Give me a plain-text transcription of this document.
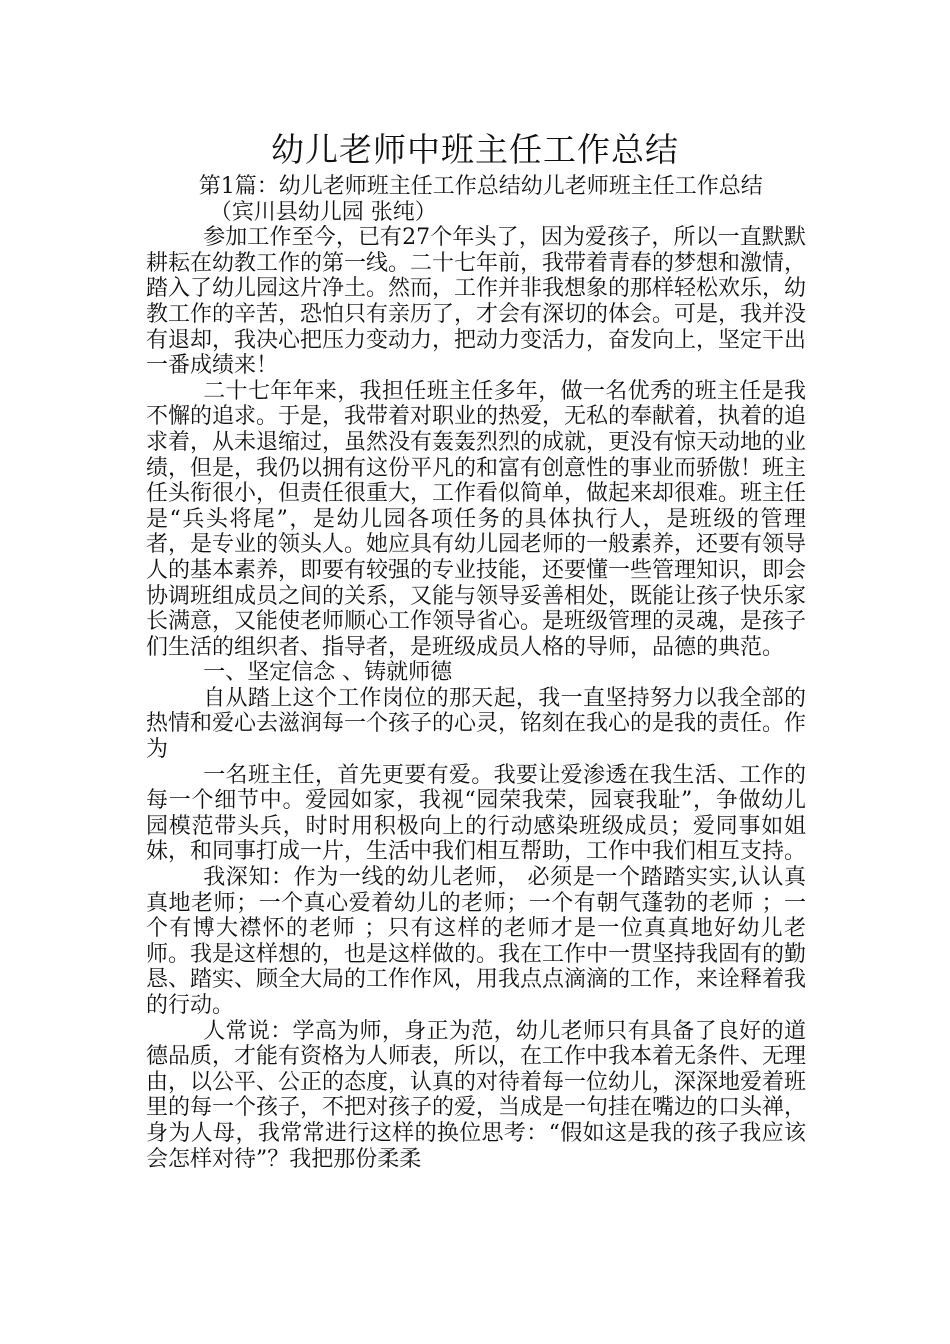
幼儿老师中班主任工作总结

第1篇：幼儿老师班主任工作总结幼儿老师班主任工作总结

（宾川县幼儿园 张纯）

参加工作至今，已有27个年头了，因为爱孩子，所以一直默默耕耘在幼教工作的第一线。二十七年前，我带着青春的梦想和激情，踏入了幼儿园这片净土。然而，工作并非我想象的那样轻松欢乐，幼教工作的辛苦，恐怕只有亲历了，才会有深切的体会。可是，我并没有退却，我决心把压力变动力，把动力变活力，奋发向上，坚定干出一番成绩来！

二十七年年来，我担任班主任多年，做一名优秀的班主任是我不懈的追求。于是，我带着对职业的热爱，无私的奉献着，执着的追求着，从未退缩过，虽然没有轰轰烈烈的成就，更没有惊天动地的业绩，但是，我仍以拥有这份平凡的和富有创意性的事业而骄傲！班主任头衔很小，但责任很重大，工作看似简单，做起来却很难。班主任是“兵头将尾”，是幼儿园各项任务的具体执行人，是班级的管理者，是专业的领头人。她应具有幼儿园老师的一般素养，还要有领导人的基本素养，即要有较强的专业技能，还要懂一些管理知识，即会协调班组成员之间的关系，又能与领导妥善相处，既能让孩子快乐家长满意，又能使老师顺心工作领导省心。是班级管理的灵魂，是孩子们生活的组织者、指导者，是班级成员人格的导师，品德的典范。

一、坚定信念 、铸就师德

自从踏上这个工作岗位的那天起，我一直坚持努力以我全部的热情和爱心去滋润每一个孩子的心灵，铭刻在我心的是我的责任。作为

一名班主任，首先更要有爱。我要让爱渗透在我生活、工作的每一个细节中。爱园如家，我视“园荣我荣，园衰我耻”，争做幼儿园模范带头兵，时时用积极向上的行动感染班级成员；爱同事如姐妹，和同事打成一片，生活中我们相互帮助，工作中我们相互支持。

我深知：作为一线的幼儿老师， 必须是一个踏踏实实,认认真真地老师；一个真心爱着幼儿的老师；一个有朝气蓬勃的老师 ；一个有博大襟怀的老师 ；只有这样的老师才是一位真真地好幼儿老师。我是这样想的，也是这样做的。我在工作中一贯坚持我固有的勤恳、踏实、顾全大局的工作作风，用我点点滴滴的工作，来诠释着我的行动。

人常说：学高为师，身正为范，幼儿老师只有具备了良好的道德品质，才能有资格为人师表，所以，在工作中我本着无条件、无理由，以公平、公正的态度，认真的对待着每一位幼儿，深深地爱着班里的每一个孩子，不把对孩子的爱，当成是一句挂在嘴边的口头禅，身为人母，我常常进行这样的换位思考：“假如这是我的孩子我应该会怎样对待”？我把那份柔柔
